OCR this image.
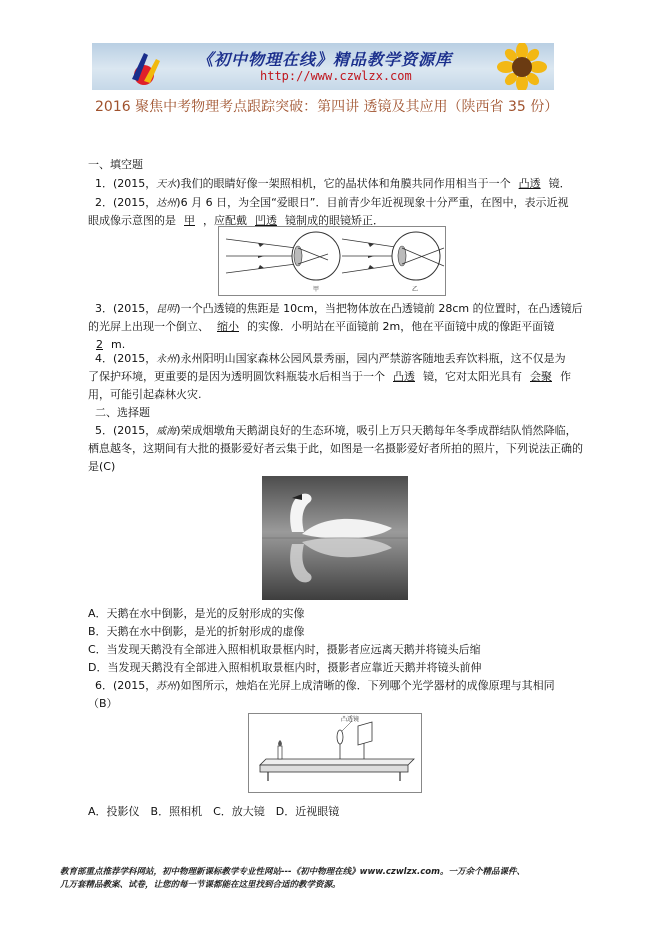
《初中物理在线》精品教学资源库
http://www.czwlzx.com
2016 聚焦中考物理考点跟踪突破：第四讲 透镜及其应用（陕西省 35 份）
一、填空题
1．(2015，天水)我们的眼睛好像一架照相机，它的晶状体和角膜共同作用相当于一个 凸透 镜．
2．(2015，达州)6 月 6 日，为全国“爱眼日”．目前青少年近视现象十分严重，在图中，表示近视
眼成像示意图的是 甲 ，应配戴 凹透 镜制成的眼镜矫正．
甲	乙
3．(2015，昆明)一个凸透镜的焦距是 10cm，当把物体放在凸透镜前 28cm 的位置时，在凸透镜后
的光屏上出现一个倒立、 缩小 的实像．小明站在平面镜前 2m，他在平面镜中成的像距平面镜
2 m.
4．(2015，永州)永州阳明山国家森林公园风景秀丽，园内严禁游客随地丢弃饮料瓶，这不仅是为
了保护环境，更重要的是因为透明圆饮料瓶装水后相当于一个 凸透 镜，它对太阳光具有 会聚 作
用，可能引起森林火灾.
二、选择题
5．(2015，威海)荣成烟墩角天鹅湖良好的生态环境，吸引上万只天鹅每年冬季成群结队悄然降临，
栖息越冬，这期间有大批的摄影爱好者云集于此，如图是一名摄影爱好者所拍的照片，下列说法正确的
是(C)
A．天鹅在水中倒影，是光的反射形成的实像
B．天鹅在水中倒影，是光的折射形成的虚像
C．当发现天鹅没有全部进入照相机取景框内时，摄影者应远离天鹅并将镜头后缩
D．当发现天鹅没有全部进入照相机取景框内时，摄影者应靠近天鹅并将镜头前伸
6．(2015，苏州)如图所示，烛焰在光屏上成清晰的像．下列哪个光学器材的成像原理与其相同
（B）
凸透镜
A．投影仪　B．照相机　C．放大镜　D．近视眼镜
教育部重点推荐学科网站，初中物理新课标教学专业性网站---《初中物理在线》www.czwlzx.com。一万余个精品课件、
几万套精品教案、试卷，让您的每一节课都能在这里找到合适的教学资源。
